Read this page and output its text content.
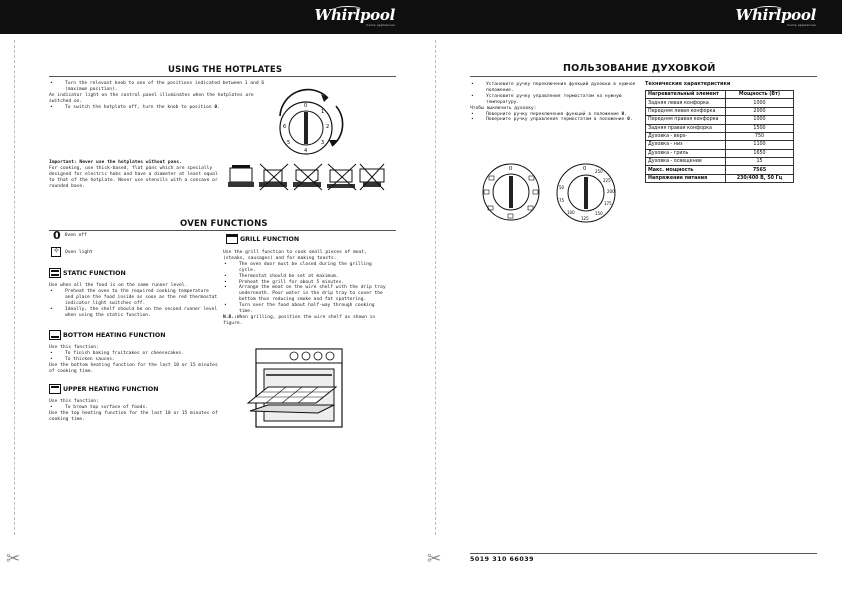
Whirlpool
home appliances
✂
USING THE HOTPLATES
• Turn the relevant knob to one of the positions indicated between 1 and 6 (maximum position).
An indicator light on the control panel illuminates when the hotplates are switched on.
• To switch the hotplate off, turn the knob to position 0.	0
1
2
3
4
5
6
Important: Never use the hotplates without pans.
For cooking, use thick-based, flat pans which are specially designed for electric hobs and have a diameter at least equal to that of the hotplate. Never use utensils with a concave or rounded base.
OVEN FUNCTIONS
0 Oven off
✧
Oven light
STATIC FUNCTION
Use when all the food is on the same runner level.
• Preheat the oven to the required cooking temperature and place the food inside as soon as the red thermostat indicator light switches off.
• Ideally, the shelf should be on the second runner level when using the static function.
BOTTOM HEATING FUNCTION
Use this function:
• To finish baking fruitcakes or cheesecakes.
• To thicken sauces.
Use the bottom heating function for the last 10 or 15 minutes of cooking time.
UPPER HEATING FUNCTION
Use this function:
• To brown top surface of foods.
Use the top heating function for the last 10 or 15 minutes of cooking time.
GRILL FUNCTION
Use the grill function to cook small pieces of meat, (steaks, sausages) and for making toasts.
• The oven door must be closed during the grilling cycle.
• Thermostat should be set at maximum.
• Preheat the grill for about 5 minutes.
• Arrange the meat on the wire shelf with the drip tray underneath. Pour water in the drip tray to cover the bottom thus reducing smoke and fat spattering.
• Turn over the food about half-way through cooking time.
N.B.:When grilling, position the wire shelf as shown in figure.
Whirlpool
home appliances
✂
ПОЛЬЗОВАНИЕ ДУХОВКОЙ
• Установите ручку переключения функций духовки в нужное положение.
• Установите ручку управления термостатом на нужную температуру.
Чтобы выключить духовку:
• Поверните ручку переключения функций в положение 0.
• Поверните ручку управления термостатом в положение 0.
0	0 250
225
200
175
150
125
100
75
50
Технические характеристики
Нагревательный элемент	Мощность (Вт)
Задняя левая конфорка	1000
Передняя левая конфорка	2000
Передняя правая конфорка	1000
Задняя правая конфорка	1500
Духовка - верх-	750
Духовка - низ	1100
Духовка - гриль	1650
Духовка - освещение	15
Макс. мощность	7565
Напряжение питания	230/400 В, 50 Гц
5019 310 66039
